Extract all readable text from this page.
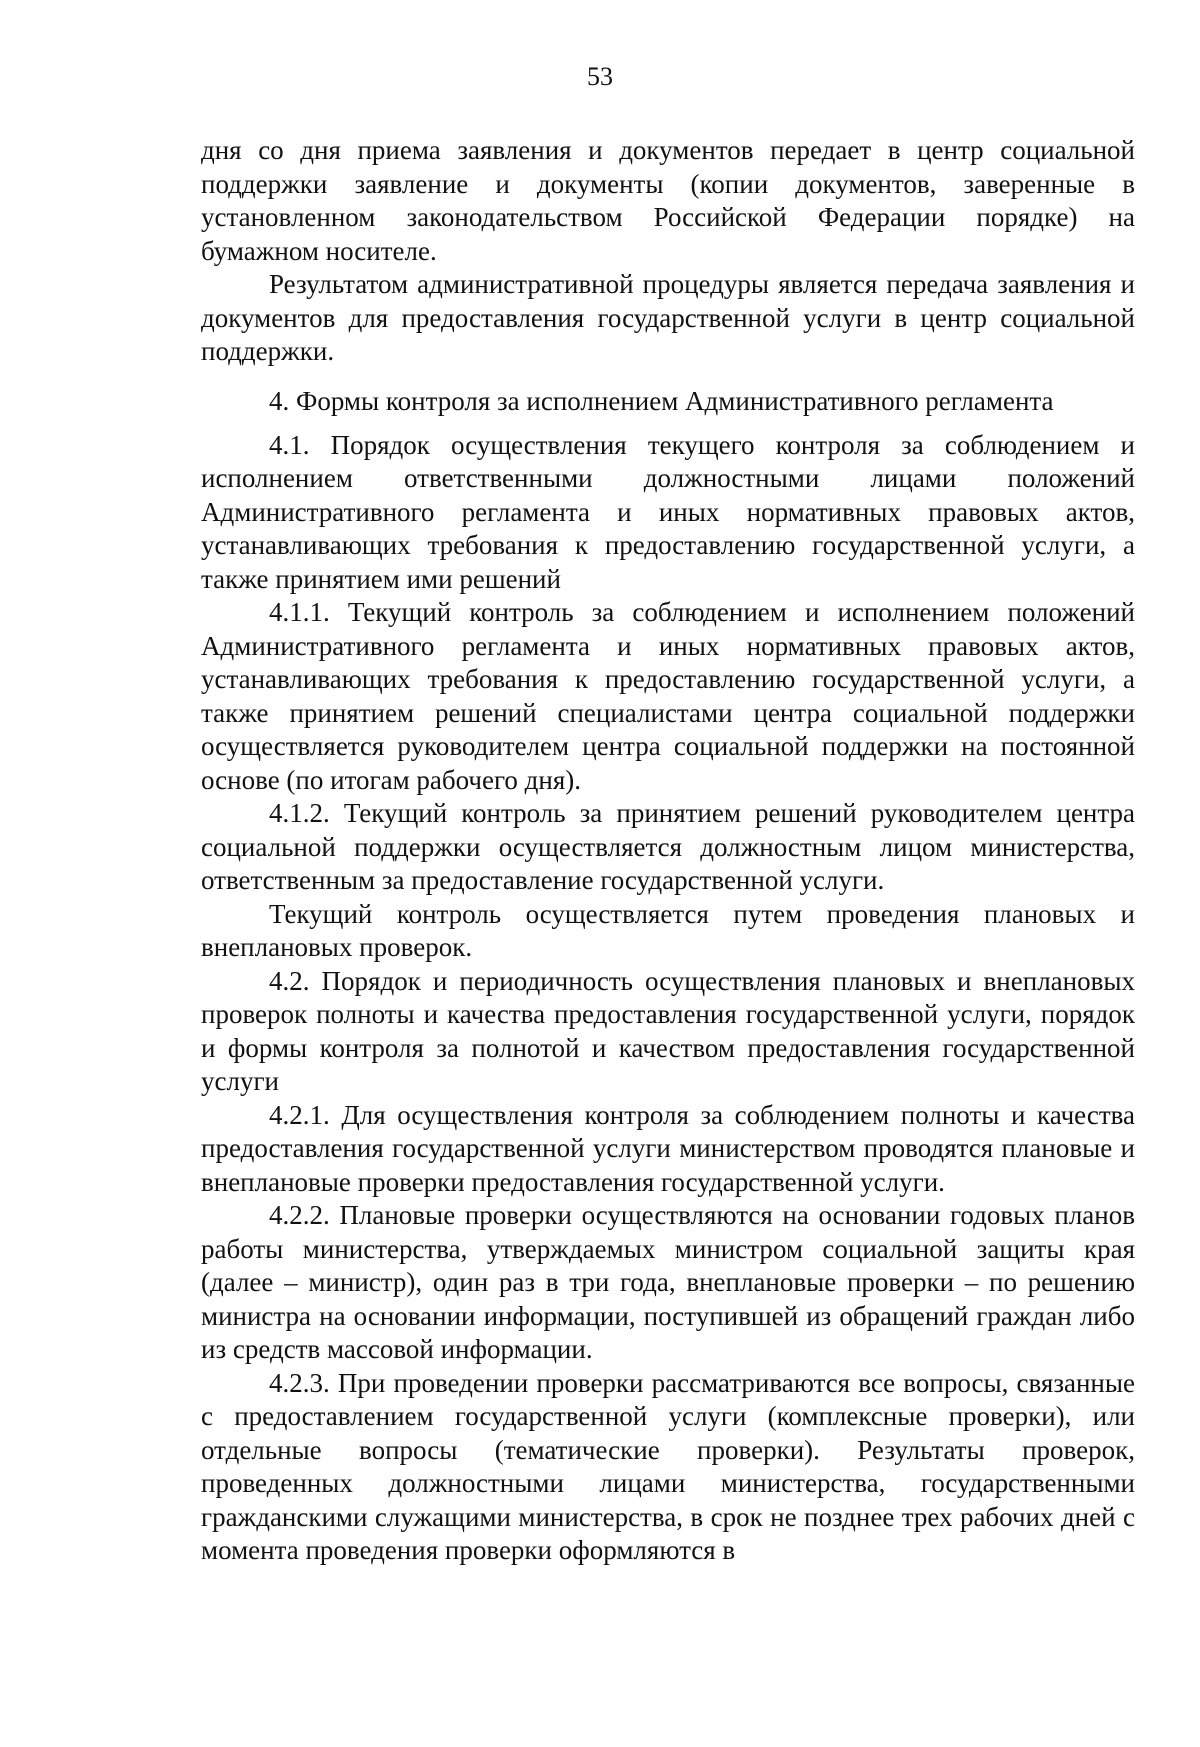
53

дня со дня приема заявления и документов передает в центр социальной поддержки заявление и документы (копии документов, заверенные в установленном законодательством Российской Федерации порядке) на бумажном носителе.

Результатом административной процедуры является передача заявления и документов для предоставления государственной услуги в центр социальной поддержки.

4. Формы контроля за исполнением Административного регламента

4.1. Порядок осуществления текущего контроля за соблюдением и исполнением ответственными должностными лицами положений Административного регламента и иных нормативных правовых актов, устанавливающих требования к предоставлению государственной услуги, а также принятием ими решений

4.1.1. Текущий контроль за соблюдением и исполнением положений Административного регламента и иных нормативных правовых актов, устанавливающих требования к предоставлению государственной услуги, а также принятием решений специалистами центра социальной поддержки осуществляется руководителем центра социальной поддержки на постоянной основе (по итогам рабочего дня).

4.1.2. Текущий контроль за принятием решений руководителем центра социальной поддержки осуществляется должностным лицом министерства, ответственным за предоставление государственной услуги.

Текущий контроль осуществляется путем проведения плановых и внеплановых проверок.

4.2. Порядок и периодичность осуществления плановых и внеплановых проверок полноты и качества предоставления государственной услуги, порядок и формы контроля за полнотой и качеством предоставления государственной услуги

4.2.1. Для осуществления контроля за соблюдением полноты и качества предоставления государственной услуги министерством проводятся плановые и внеплановые проверки предоставления государственной услуги.

4.2.2. Плановые проверки осуществляются на основании годовых планов работы министерства, утверждаемых министром социальной защиты края (далее – министр), один раз в три года, внеплановые проверки – по решению министра на основании информации, поступившей из обращений граждан либо из средств массовой информации.

4.2.3. При проведении проверки рассматриваются все вопросы, связанные с предоставлением государственной услуги (комплексные проверки), или отдельные вопросы (тематические проверки). Результаты проверок, проведенных должностными лицами министерства, государственными гражданскими служащими министерства, в срок не позднее трех рабочих дней с момента проведения проверки оформляются в
